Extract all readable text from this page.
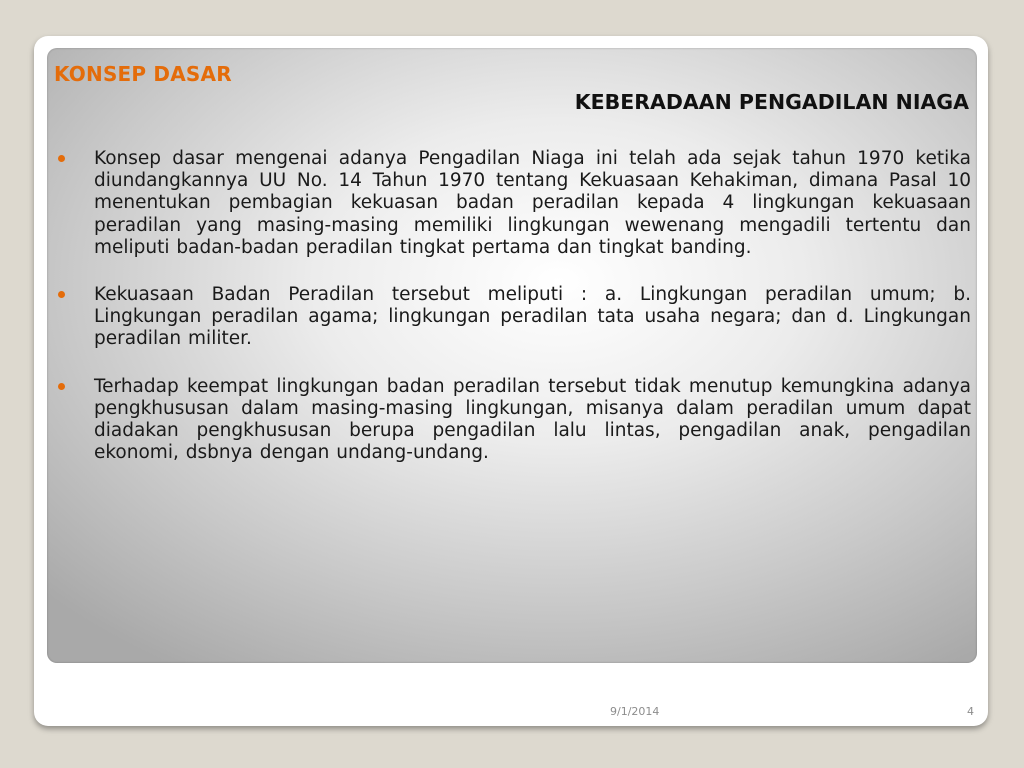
KONSEP DASAR
KEBERADAAN PENGADILAN NIAGA
Konsep dasar mengenai adanya Pengadilan Niaga ini telah ada sejak tahun 1970 ketika diundangkannya UU No. 14 Tahun 1970 tentang Kekuasaan Kehakiman, dimana Pasal 10 menentukan pembagian kekuasan badan peradilan kepada 4 lingkungan kekuasaan peradilan yang masing-masing memiliki lingkungan wewenang mengadili tertentu dan meliputi badan-badan peradilan tingkat pertama dan tingkat banding.
Kekuasaan Badan Peradilan tersebut meliputi : a. Lingkungan peradilan umum; b. Lingkungan peradilan agama; lingkungan peradilan tata usaha negara; dan d. Lingkungan peradilan militer.
Terhadap keempat lingkungan badan peradilan tersebut tidak menutup kemungkina adanya pengkhususan dalam masing-masing lingkungan, misanya dalam peradilan umum dapat diadakan pengkhususan berupa pengadilan lalu lintas, pengadilan anak, pengadilan ekonomi, dsbnya dengan undang-undang.
9/1/2014	4
